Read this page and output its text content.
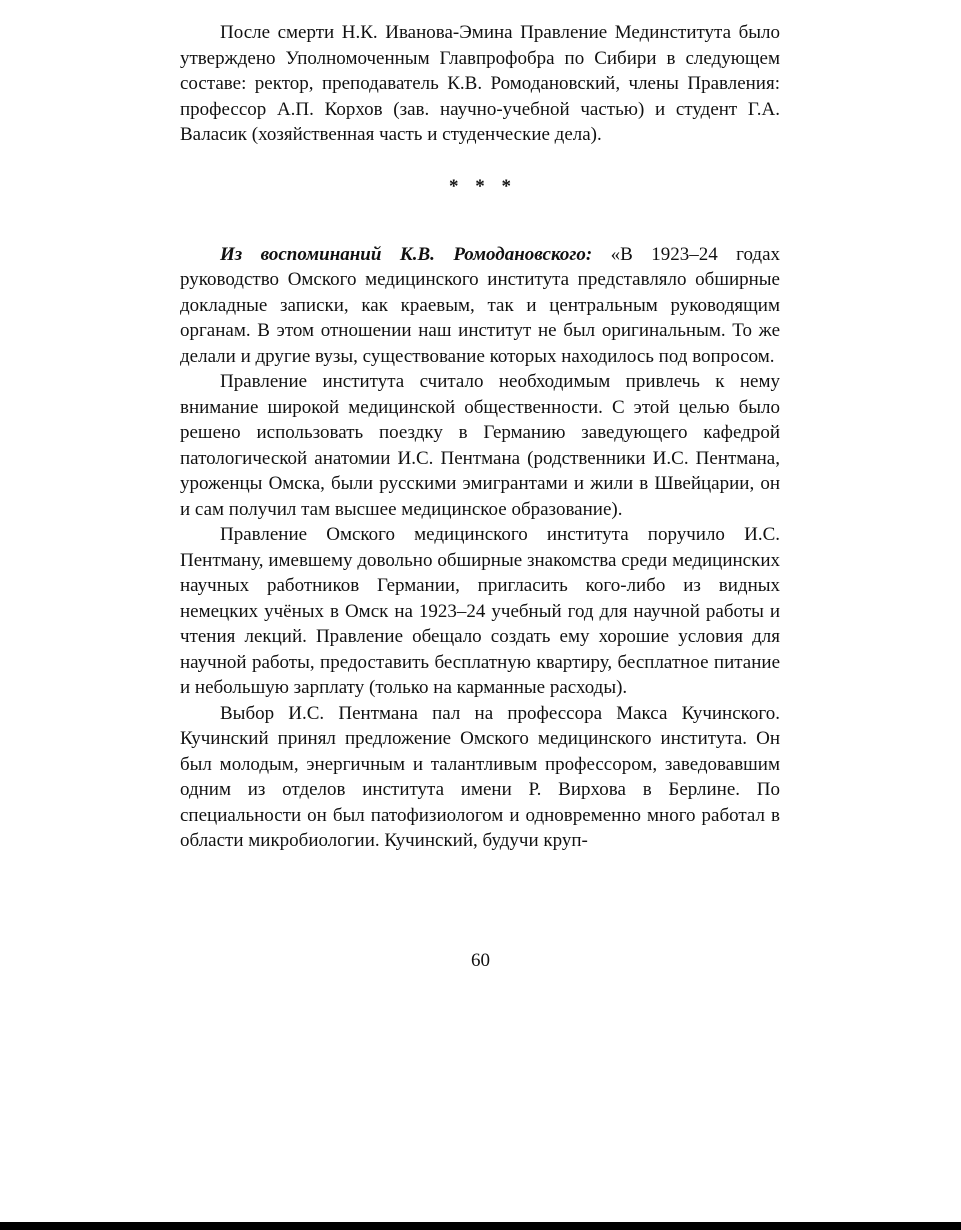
После смерти Н.К. Иванова-Эмина Правление Мединститута было утверждено Уполномоченным Главпрофобра по Сибири в следующем составе: ректор, преподаватель К.В. Ромодановский, члены Правления: профессор А.П. Корхов (зав. научно-учебной частью) и студент Г.А. Валасик (хозяйственная часть и студенческие дела).

* * *

Из воспоминаний К.В. Ромодановского: «В 1923–24 годах руководство Омского медицинского института представляло обширные докладные записки, как краевым, так и центральным руководящим органам. В этом отношении наш институт не был оригинальным. То же делали и другие вузы, существование которых находилось под вопросом.

Правление института считало необходимым привлечь к нему внимание широкой медицинской общественности. С этой целью было решено использовать поездку в Германию заведующего кафедрой патологической анатомии И.С. Пентмана (родственники И.С. Пентмана, уроженцы Омска, были русскими эмигрантами и жили в Швейцарии, он и сам получил там высшее медицинское образование).

Правление Омского медицинского института поручило И.С. Пентману, имевшему довольно обширные знакомства среди медицинских научных работников Германии, пригласить кого-либо из видных немецких учёных в Омск на 1923–24 учебный год для научной работы и чтения лекций. Правление обещало создать ему хорошие условия для научной работы, предоставить бесплатную квартиру, бесплатное питание и небольшую зарплату (только на карманные расходы).

Выбор И.С. Пентмана пал на профессора Макса Кучинского. Кучинский принял предложение Омского медицинского института. Он был молодым, энергичным и талантливым профессором, заведовавшим одним из отделов института имени Р. Вирхова в Берлине. По специальности он был патофизиологом и одновременно много работал в области микробиологии. Кучинский, будучи круп-

60
